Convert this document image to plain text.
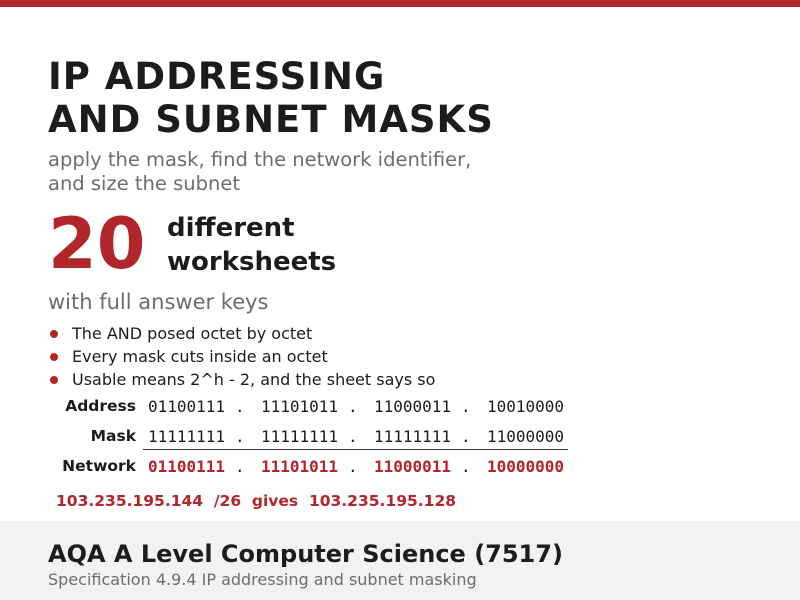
IP ADDRESSING
AND SUBNET MASKS
apply the mask, find the network identifier,
and size the subnet
20 different
worksheets
with full answer keys
The AND posed octet by octet
Every mask cuts inside an octet
Usable means 2^h - 2, and the sheet says so
Address 01100111 . 11101011 . 11000011 . 10010000
Mask 11111111 . 11111111 . 11111111 . 11000000
Network 01100111 . 11101011 . 11000011 . 10000000
103.235.195.144  /26  gives  103.235.195.128
AQA A Level Computer Science (7517)
Specification 4.9.4 IP addressing and subnet masking
